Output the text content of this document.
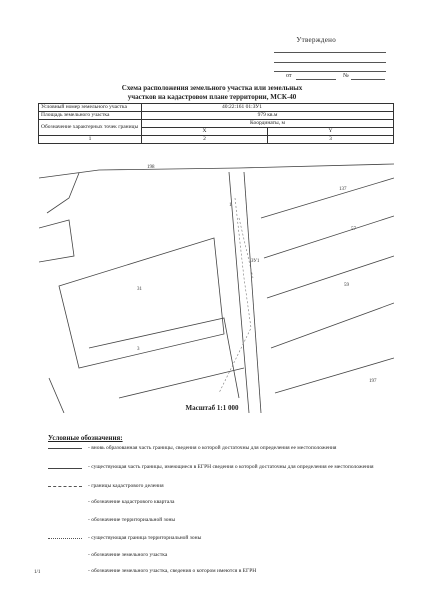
Утверждено
от	№
Схема расположения земельного участка или земельных
участков на кадастровом плане территории, МСК-40
Условный номер земельного участка	40:22:161 01:ЗУ1	
Площадь земельного участка	979 кв.м	
Обозначение характерных точек границы	Координаты, м	
	X	Y
1	2	3
198
137
57
59
31
3
197
ЗУ1
1
Масштаб 1:1 000
Условные обозначения:
- вновь образованная часть границы, сведения о которой достаточны для определения ее местоположения
- существующая часть границы, имеющиеся в ЕГРН сведения о которой достаточны для определения ее местоположения
- границы кадастрового деления
- обозначение кадастрового квартала
- обозначение территориальной зоны
- существующая граница территориальной зоны
- обозначение земельного участка
- обозначение земельного участка, сведения о котором имеются в ЕГРН
1/1
